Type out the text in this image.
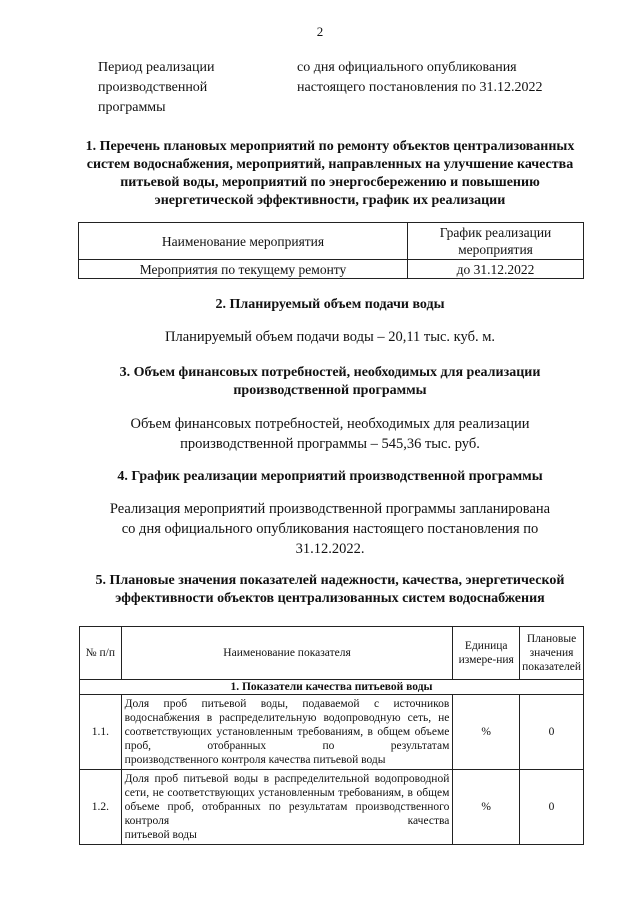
2
Период реализации производственной программы
со дня официального опубликования настоящего постановления по 31.12.2022
1. Перечень плановых мероприятий по ремонту объектов централизованных систем водоснабжения, мероприятий, направленных на улучшение качества питьевой воды, мероприятий по энергосбережению и повышению энергетической эффективности, график их реализации
Наименование мероприятия	График реализации мероприятия
Мероприятия по текущему ремонту	до 31.12.2022
2. Планируемый объем подачи воды
Планируемый объем подачи воды – 20,11 тыс. куб. м.
3. Объем финансовых потребностей, необходимых для реализации производственной программы
Объем финансовых потребностей, необходимых для реализации производственной программы – 545,36 тыс. руб.
4. График реализации мероприятий производственной программы
Реализация мероприятий производственной программы запланирована со дня официального опубликования настоящего постановления по 31.12.2022.
5. Плановые значения показателей надежности, качества, энергетической эффективности объектов централизованных систем водоснабжения
№ п/п	Наименование показателя	Единица измере-ния	Плановые значения показателей
1. Показатели качества питьевой воды			
1.1.	Доля проб питьевой воды, подаваемой с источников водоснабжения в распределительную водопроводную сеть, не соответствующих установленным требованиям, в общем объеме проб, отобранных по результатам
производственного контроля качества питьевой воды	%	0
1.2.	Доля проб питьевой воды в распределительной водопроводной сети, не соответствующих установленным требованиям, в общем объеме проб, отобранных по результатам производственного контроля качества
питьевой воды	%	0
